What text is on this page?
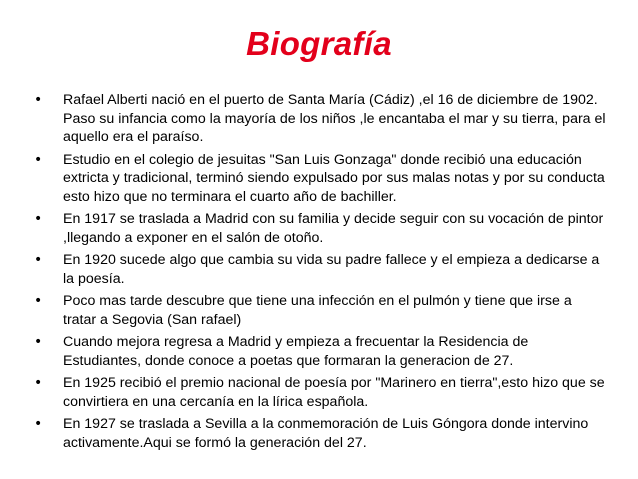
Biografía
•	Rafael Alberti nació en el puerto de Santa María (Cádiz) ,el 16 de diciembre de 1902. Paso su infancia como la mayoría de los niños ,le encantaba el mar y su tierra, para el aquello era el paraíso.
•	Estudio en el colegio de jesuitas "San Luis Gonzaga" donde recibió una educación extricta y tradicional, terminó siendo expulsado por sus malas notas y por su conducta esto hizo que no terminara el cuarto año de bachiller.
•	En 1917 se traslada a Madrid con su familia y decide seguir con su vocación de pintor ,llegando a exponer en el salón de otoño.
•	En 1920 sucede algo que cambia su vida su padre fallece y el empieza a dedicarse a la poesía.
•	Poco mas tarde descubre que tiene una infección en el pulmón y tiene que irse a tratar a Segovia (San rafael)
•	Cuando mejora regresa a Madrid y empieza a frecuentar la Residencia de Estudiantes, donde conoce a poetas que formaran la generacion de 27.
•	En 1925 recibió el premio nacional de poesía por "Marinero en tierra",esto hizo que se convirtiera en una cercanía en la lírica española.
•	En 1927 se traslada a Sevilla a la conmemoración de Luis Góngora donde intervino activamente.Aqui se formó la generación del 27.
